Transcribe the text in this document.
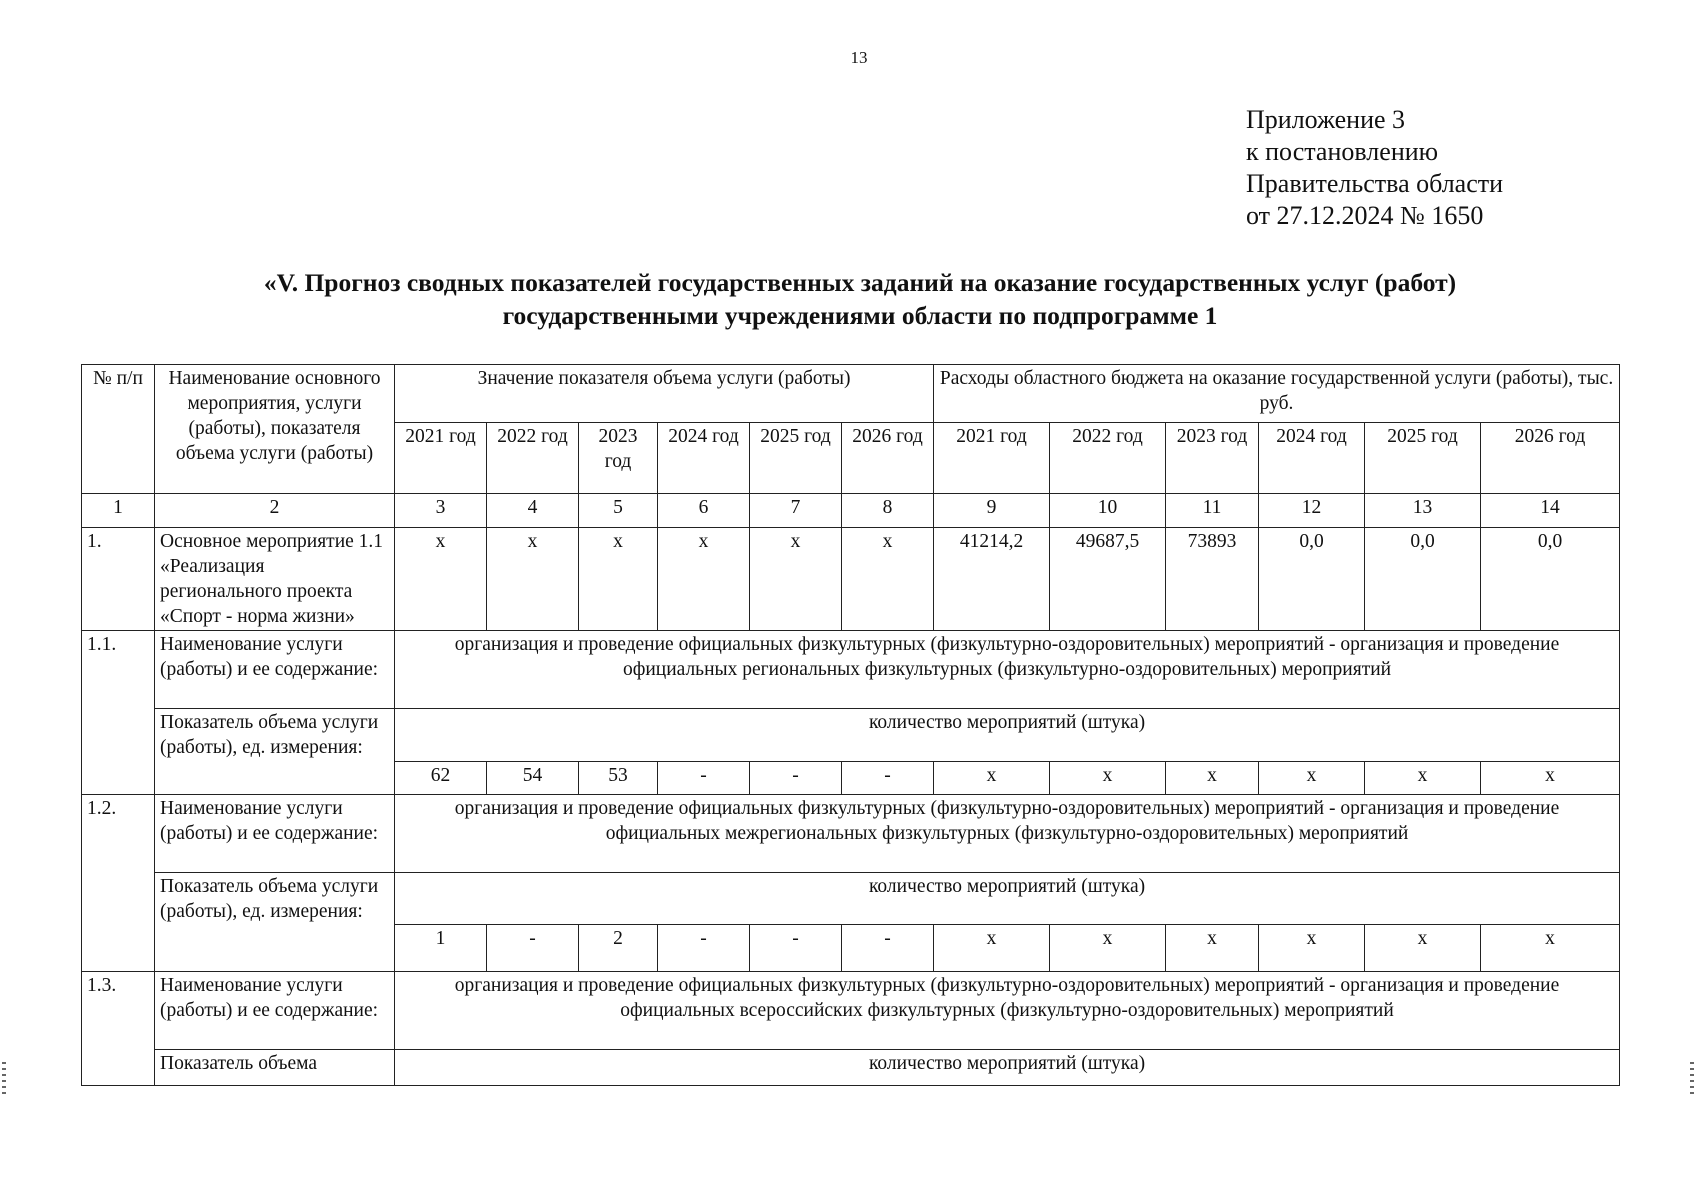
13
Приложение 3
к постановлению
Правительства области
от 27.12.2024 № 1650
«V. Прогноз сводных показателей государственных заданий на оказание государственных услуг (работ)
государственными учреждениями области по подпрограмме 1
№ п/п	Наименование основного мероприятия, услуги (работы), показателя объема услуги (работы)	Значение показателя объема услуги (работы)						Расходы областного бюджета на оказание государственной услуги (работы), тыс. руб.					
		2021 год	2022 год	2023 год	2024 год	2025 год	2026 год	2021 год	2022 год	2023 год	2024 год	2025 год	2026 год
1	2	3	4	5	6	7	8	9	10	11	12	13	14
1.	Основное мероприятие 1.1 «Реализация регионального проекта «Спорт - норма жизни»	х	х	х	х	х	х	41214,2	49687,5	73893	0,0	0,0	0,0
1.1.	Наименование услуги (работы) и ее содержание:	организация и проведение официальных физкультурных (физкультурно-оздоровительных) мероприятий - организация и проведение официальных региональных физкультурных (физкультурно-оздоровительных) мероприятий											
	Показатель объема услуги (работы), ед. измерения:	количество мероприятий (штука)											
		62	54	53	-	-	-	х	х	х	х	х	х
1.2.	Наименование услуги (работы) и ее содержание:	организация и проведение официальных физкультурных (физкультурно-оздоровительных) мероприятий - организация и проведение официальных межрегиональных физкультурных (физкультурно-оздоровительных) мероприятий											
	Показатель объема услуги (работы), ед. измерения:	количество мероприятий (штука)											
		1	-	2	-	-	-	х	х	х	х	х	х
1.3.	Наименование услуги (работы) и ее содержание:	организация и проведение официальных физкультурных (физкультурно-оздоровительных) мероприятий - организация и проведение официальных всероссийских физкультурных (физкультурно-оздоровительных) мероприятий											
	Показатель объема	количество мероприятий (штука)											
